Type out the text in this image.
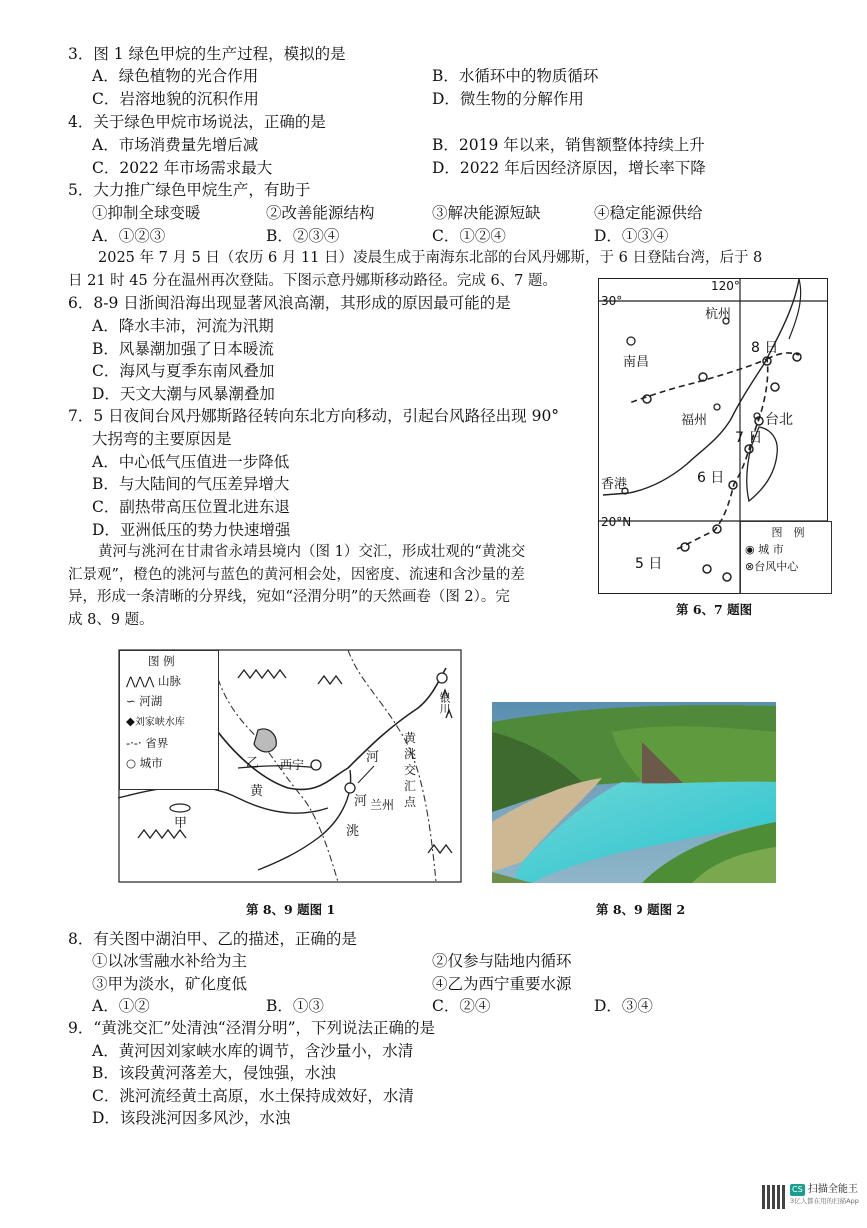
3．图 1 绿色甲烷的生产过程，模拟的是
A．绿色植物的光合作用	B．水循环中的物质循环
C．岩溶地貌的沉积作用	D．微生物的分解作用
4．关于绿色甲烷市场说法，正确的是
A．市场消费量先增后减	B．2019 年以来，销售额整体持续上升
C．2022 年市场需求最大	D．2022 年后因经济原因，增长率下降
5．大力推广绿色甲烷生产，有助于
①抑制全球变暖	②改善能源结构	③解决能源短缺	④稳定能源供给
A．①②③	B．②③④	C．①②④	D．①③④
2025 年 7 月 5 日（农历 6 月 11 日）凌晨生成于南海东北部的台风丹娜斯，于 6 日登陆台湾，后于 8
日 21 时 45 分在温州再次登陆。下图示意丹娜斯移动路径。完成 6、7 题。
6．8-9 日浙闽沿海出现显著风浪高潮，其形成的原因最可能的是
A．降水丰沛，河流为汛期
B．风暴潮加强了日本暖流
C．海风与夏季东南风叠加
D．天文大潮与风暴潮叠加
7．5 日夜间台风丹娜斯路径转向东北方向移动，引起台风路径出现 90°
大拐弯的主要原因是
A．中心低气压值进一步降低
B．与大陆间的气压差异增大
C．副热带高压位置北进东退
D．亚洲低压的势力快速增强
黄河与洮河在甘肃省永靖县境内（图 1）交汇，形成壮观的“黄洮交
汇景观”，橙色的洮河与蓝色的黄河相会处，因密度、流速和含沙量的差
异，形成一条清晰的分界线，宛如“泾渭分明”的天然画卷（图 2）。完
成 8、9 题。
120°
30°
20°N
杭州
南昌
福州	台北
香港
8 日
7 日
6 日
5 日
图　例
◉ 城 市
⊗台风中心
第 6、7 题图
图 例
⋀⋀⋀ 山脉
∽ 河湖
◆刘家峡水库
-·-· 省界
○ 城市	乙 西宁
黄
甲
河
河 兰州
洮
银川
黄洮交汇点
第 8、9 题图 1	第 8、9 题图 2
8．有关图中湖泊甲、乙的描述，正确的是
①以冰雪融水补给为主	②仅参与陆地内循环
③甲为淡水，矿化度低	④乙为西宁重要水源
A．①②	B．①③	C．②④	D．③④
9．“黄洮交汇”处清浊“泾渭分明”，下列说法正确的是
A．黄河因刘家峡水库的调节，含沙量小，水清
B．该段黄河落差大，侵蚀强，水浊
C．洮河流经黄土高原，水土保持成效好，水清
D．该段洮河因多风沙，水浊
CS 扫描全能王
3亿人都在用的扫描App
